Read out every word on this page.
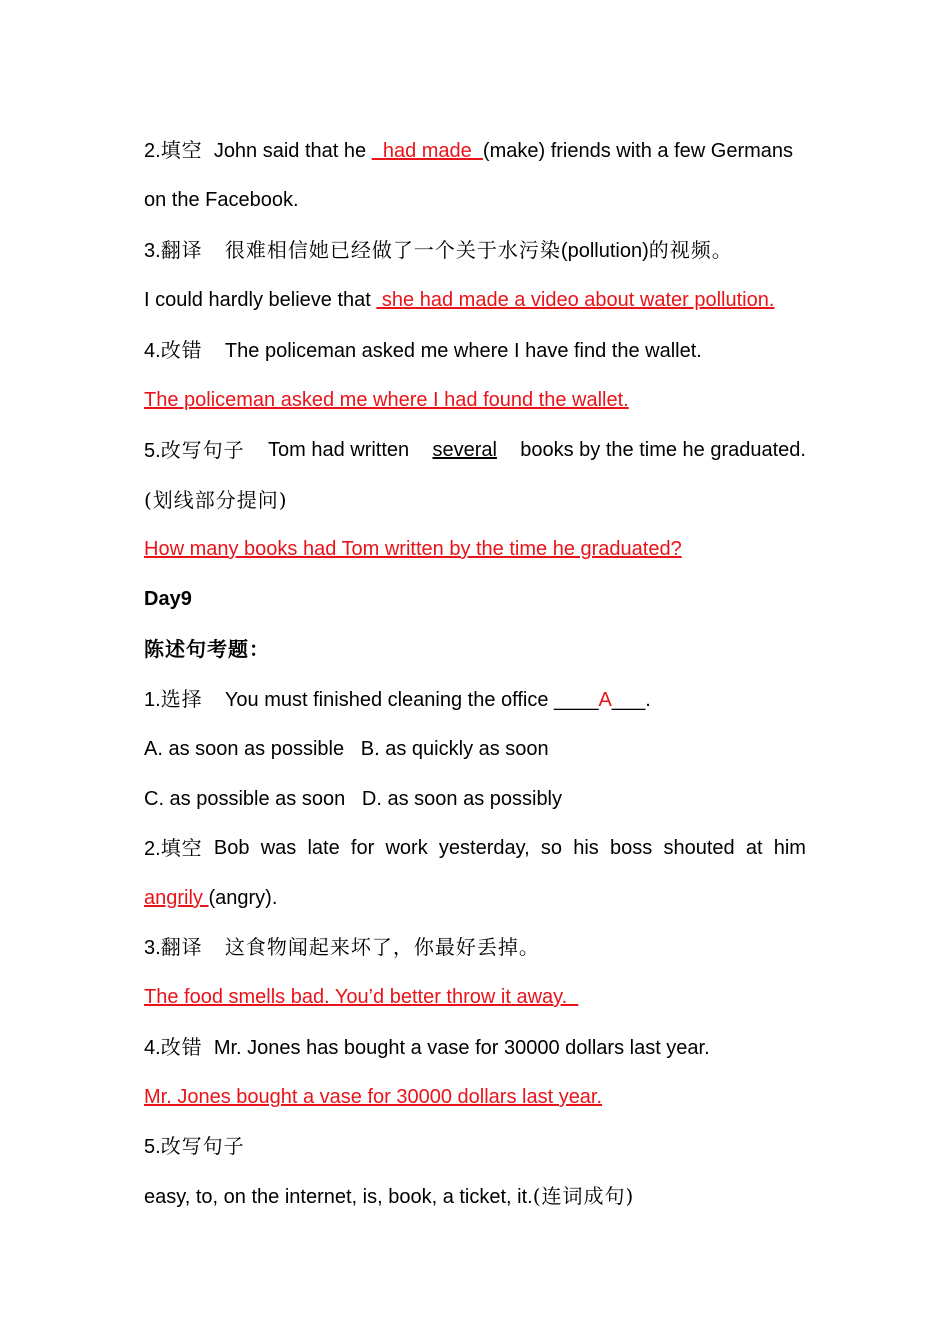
2.填空 John said that he   had made  (make) friends with a few Germans
on the Facebook.
3.翻译 很难相信她已经做了一个关于水污染(pollution)的视频。
I could hardly believe that  she had made a video about water pollution.
4.改错 The policeman asked me where I have find the wallet.
The policeman asked me where I had found the wallet.
5.改写句子 Tom had written several books by the time he graduated.
(划线部分提问)
How many books had Tom written by the time he graduated?
Day9
陈述句考题：
1.选择 You must finished cleaning the office ____A___.
A. as soon as possible B. as quickly as soon
C. as possible as soon D. as soon as possibly
2.填空 Bob was late for work yesterday, so his boss shouted at him
angrily (angry).
3.翻译 这食物闻起来坏了，你最好丢掉。
The food smells bad. You’d better throw it away.
4.改错 Mr. Jones has bought a vase for 30000 dollars last year.
Mr. Jones bought a vase for 30000 dollars last year.
5.改写句子
easy, to, on the internet, is, book, a ticket, it.(连词成句)
